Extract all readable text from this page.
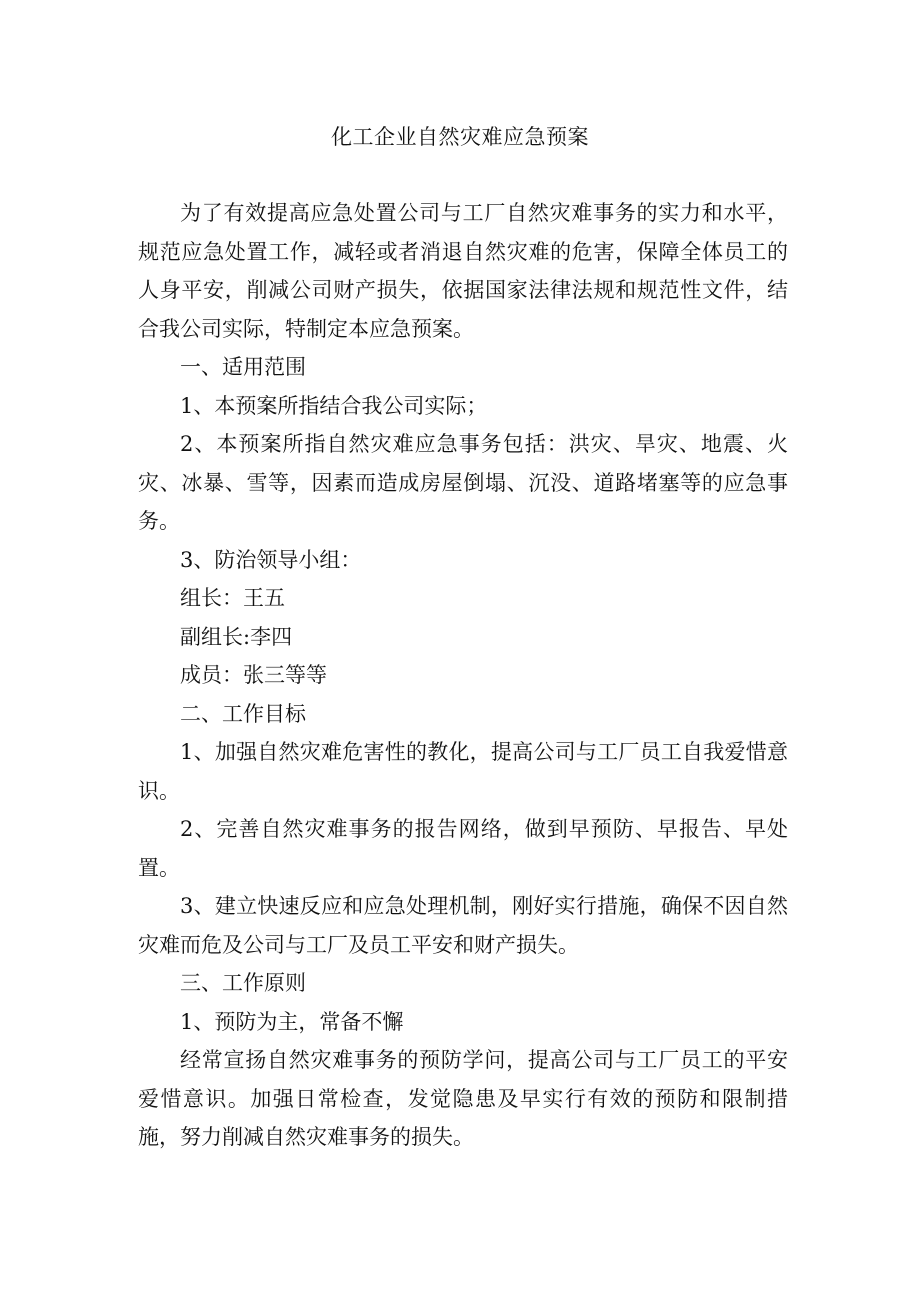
化工企业自然灾难应急预案

为了有效提高应急处置公司与工厂自然灾难事务的实力和水平，规范应急处置工作，减轻或者消退自然灾难的危害，保障全体员工的人身平安，削减公司财产损失，依据国家法律法规和规范性文件，结合我公司实际，特制定本应急预案。

一、适用范围

1、本预案所指结合我公司实际；

2、本预案所指自然灾难应急事务包括：洪灾、旱灾、地震、火灾、冰暴、雪等，因素而造成房屋倒塌、沉没、道路堵塞等的应急事务。

3、防治领导小组：

组长：王五

副组长:李四

成员：张三等等

二、工作目标

1、加强自然灾难危害性的教化，提高公司与工厂员工自我爱惜意识。

2、完善自然灾难事务的报告网络，做到早预防、早报告、早处置。

3、建立快速反应和应急处理机制，刚好实行措施，确保不因自然灾难而危及公司与工厂及员工平安和财产损失。

三、工作原则

1、预防为主，常备不懈

经常宣扬自然灾难事务的预防学问，提高公司与工厂员工的平安爱惜意识。加强日常检查，发觉隐患及早实行有效的预防和限制措施，努力削减自然灾难事务的损失。
